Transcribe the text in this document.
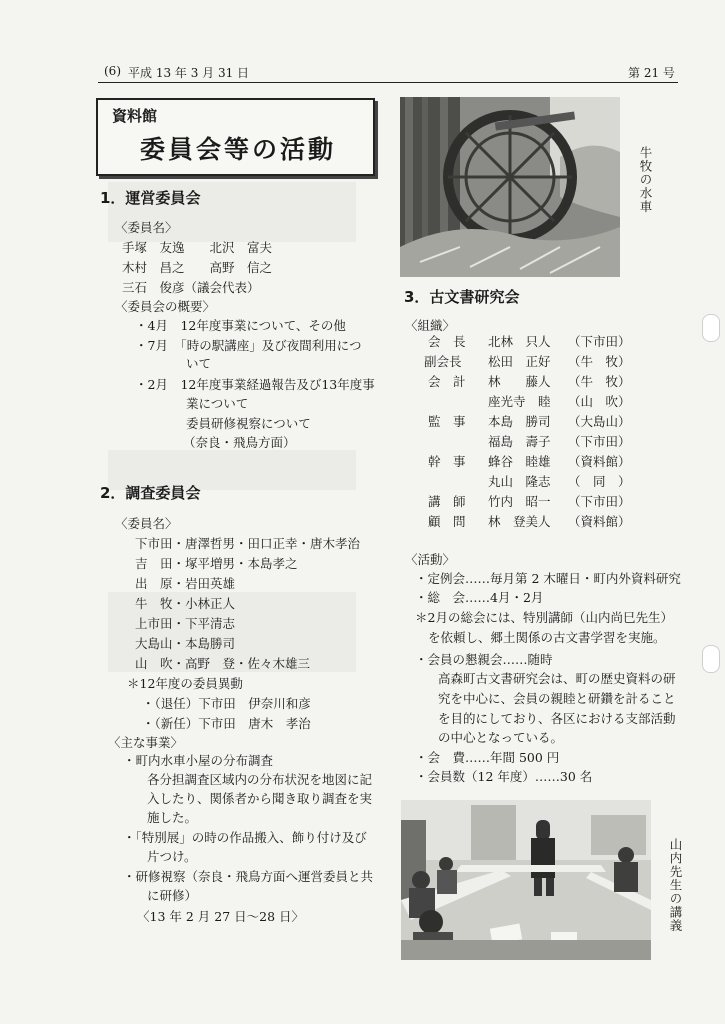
(6) 平成 13 年 3 月 31 日	第 21 号
資料館
委員会等の活動
1．運営委員会
〈委員名〉
手塚　友逸　　北沢　富夫
木村　昌之　　高野　信之
三石　俊彦（議会代表）
〈委員会の概要〉
・4月　12年度事業について、その他
・7月　「時の駅講座」及び夜間利用につ
いて
・2月　12年度事業経過報告及び13年度事
業について
委員研修視察について
（奈良・飛鳥方面）
2．調査委員会
〈委員名〉
下市田・唐澤哲男・田口正幸・唐木孝治
吉　田・塚平増男・本島孝之
出　原・岩田英雄
牛　牧・小林正人
上市田・下平清志
大島山・本島勝司
山　吹・高野　登・佐々木雄三
＊12年度の委員異動
・（退任）下市田　伊奈川和彦
・（新任）下市田　唐木　孝治
〈主な事業〉
・町内水車小屋の分布調査
各分担調査区域内の分布状況を地図に記
入したり、関係者から聞き取り調査を実
施した。
・「特別展」の時の作品搬入、飾り付け及び
片つけ。
・研修視察（奈良・飛鳥方面へ運営委員と共
に研修）
〈13 年 2 月 27 日～28 日〉
牛牧の水車
3．古文書研究会
〈組織〉
会　長 北林　只人 （下市田）
副会長 松田　正好 （牛　牧）
会　計 林　　藤人 （牛　牧）
座光寺　睦 （山　吹）
監　事 本島　勝司 （大島山）
福島　壽子 （下市田）
幹　事 蜂谷　睦雄 （資料館）
丸山　隆志 （　同　）
講　師 竹内　昭一 （下市田）
顧　問 林　登美人 （資料館）
〈活動〉
・定例会……毎月第 2 木曜日・町内外資料研究
・総　会……4月・2月
＊2月の総会には、特別講師（山内尚巳先生）
を依頼し、郷土関係の古文書学習を実施。
・会員の懇親会……随時
高森町古文書研究会は、町の歴史資料の研
究を中心に、会員の親睦と研鑽を計ること
を目的にしており、各区における支部活動
の中心となっている。
・会　費……年間 500 円
・会員数（12 年度）……30 名
山内先生の講義
